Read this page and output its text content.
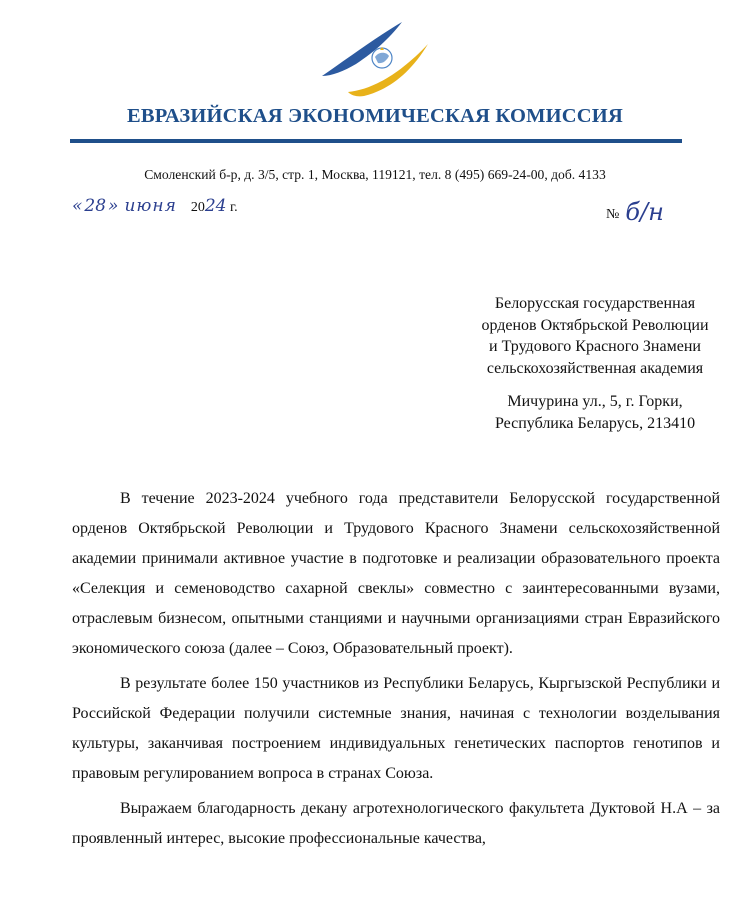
ЕВРАЗИЙСКАЯ ЭКОНОМИЧЕСКАЯ КОМИССИЯ
Смоленский б-р, д. 3/5, стр. 1, Москва, 119121, тел. 8 (495) 669-24-00, доб. 4133
« 28 » июня 2024 г.	№ б/н
Белорусская государственная
орденов Октябрьской Революции
и Трудового Красного Знамени
сельскохозяйственная академия
Мичурина ул., 5, г. Горки,
Республика Беларусь, 213410

В течение 2023-2024 учебного года представители Белорусской государственной орденов Октябрьской Революции и Трудового Красного Знамени сельскохозяйственной академии принимали активное участие в подготовке и реализации образовательного проекта «Селекция и семеноводство сахарной свеклы» совместно с заинтересованными вузами, отраслевым бизнесом, опытными станциями и научными организациями стран Евразийского экономического союза (далее – Союз, Образовательный проект).

В результате более 150 участников из Республики Беларусь, Кыргызской Республики и Российской Федерации получили системные знания, начиная с технологии возделывания культуры, заканчивая построением индивидуальных генетических паспортов генотипов и правовым регулированием вопроса в странах Союза.

Выражаем благодарность декану агротехнологического факультета Дуктовой Н.А – за проявленный интерес, высокие профессиональные качества,
